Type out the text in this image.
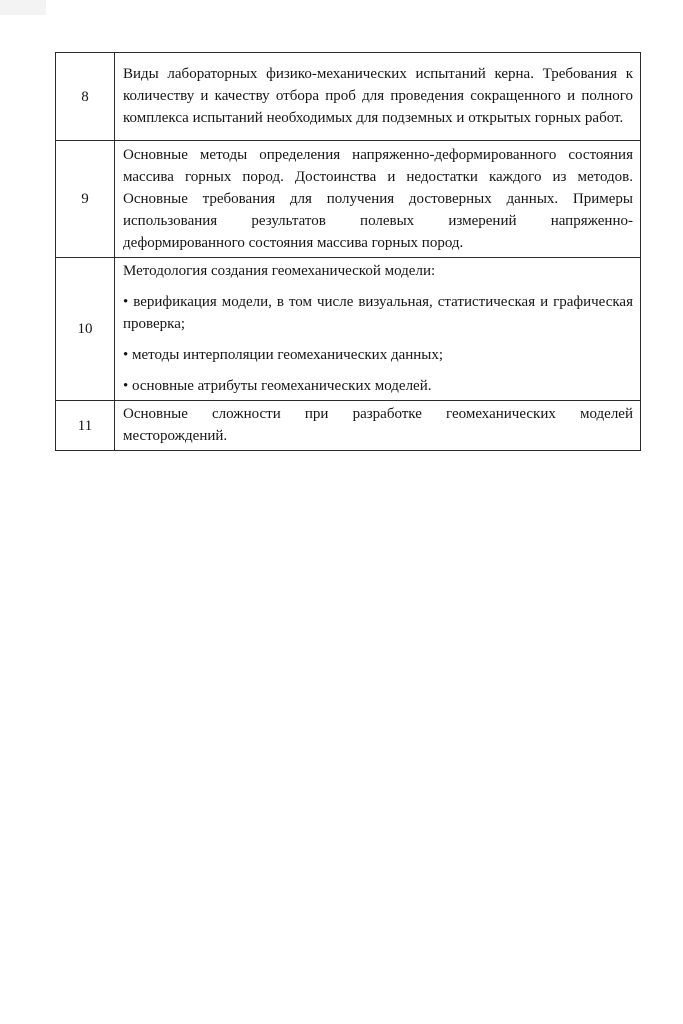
8	Виды лабораторных физико-механических испытаний керна. Требования к количеству и качеству отбора проб для проведения сокращенного и полного комплекса испытаний необходимых для подземных и открытых горных работ.

9	Основные методы определения напряженно-деформированного состояния массива горных пород. Достоинства и недостатки каждого из методов. Основные требования для получения достоверных данных. Примеры использования результатов полевых измерений напряженно-деформированного состояния массива горных пород.

10	Методология создания геомеханической модели:

• верификация модели, в том числе визуальная, статистическая и графическая проверка;

• методы интерполяции геомеханических данных;

• основные атрибуты геомеханических моделей.

11	Основные сложности при разработке геомеханических моделей месторождений.
